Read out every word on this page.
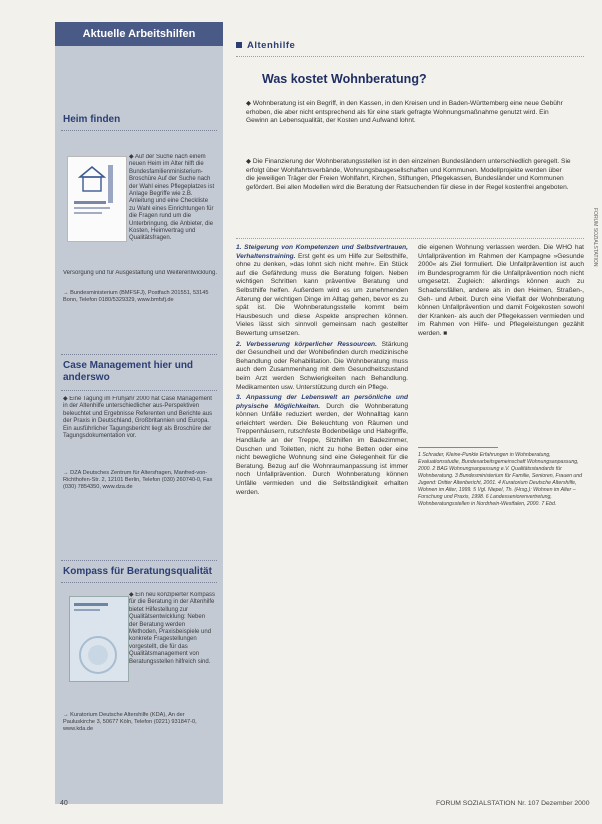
Aktuelle Arbeitshilfen
Heim finden
◆ Auf der Suche nach einem neuen Heim im Alter hilft die Bundesfamilienministerium- Broschüre Auf der Suche nach der Wahl eines Pflegeplatzes ist Anlage Begriffe wie z.B. Anleitung und eine Checkliste zu Wahl eines Einrichtungen für die Fragen rund um die Unterbringung, die Anbieter, die Kosten, Heimvertrag und Qualitätsfragen.
Versorgung und für Ausgestaltung und Weiterentwicklung.
→ Bundesministerium (BMFSFJ), Postfach 201551, 53145 Bonn, Telefon 0180/5329329, www.bmfsfj.de
Case Management hier und anderswo
◆ Eine Tagung im Frühjahr 2000 hat Case Management in der Altenhilfe unterschiedlicher aus-Perspektiven beleuchtet und Ergebnisse Referenten und Berichte aus der Praxis in Deutschland, Großbritannien und Europa. Ein ausführlicher Tagungsbericht liegt als Broschüre der Tagungsdokumentation vor.
→ DZA Deutsches Zentrum für Altersfragen, Manfred-von-Richthofen-Str. 2, 12101 Berlin, Telefon (030) 260740-0, Fax (030) 7854350, www.dza.de
Kompass für Beratungsqualität
◆ Ein neu konzipierter Kompass für die Beratung in der Altenhilfe bietet Hilfestellung zur Qualitätsentwicklung: Neben der Beratung werden Methoden, Praxisbeispiele und konkrete Fragestellungen vorgestellt, die für das Qualitätsmanagement von Beratungsstellen hilfreich sind.
→ Kuratorium Deutsche Altershilfe (KDA), An der Pauluskirche 3, 50677 Köln, Telefon (0221) 931847-0, www.kda.de
Altenhilfe
Was kostet Wohnberatung?
◆ Wohnberatung ist ein Begriff, in den Kassen, in den Kreisen und in Baden-Württemberg eine neue Gebühr erhoben, die aber nicht entsprechend als für eine stark gefragte Wohnungsmaßnahme genutzt wird. Ein Gewinn an Lebensqualität, der Kosten und Aufwand lohnt.
◆ Die Finanzierung der Wohnberatungsstellen ist in den einzelnen Bundesländern unterschiedlich geregelt. Sie erfolgt über Wohlfahrtsverbände, Wohnungsbaugesellschaften und Kommunen. Modellprojekte werden über die jeweiligen Träger der Freien Wohlfahrt, Kirchen, Stiftungen, Pflegekassen, Bundesländer und Kommunen gefördert. Bei allen Modellen wird die Beratung der Ratsuchenden für diese in der Regel kostenfrei angeboten.
FORUM SOZIALSTATION

1. Steigerung von Kompetenzen und Selbstvertrauen, Verhaltenstraining. Erst geht es um Hilfe zur Selbsthilfe, ohne zu denken, »das lohnt sich nicht mehr«. Ein Stück auf die Gefährdung muss die Beratung folgen. Neben wichtigen Schritten kann präventive Beratung und Selbsthilfe helfen. Außerdem wird es um zunehmenden Alterung der wichtigen Dinge im Alltag gehen, bevor es zu spät ist. Die Wohnberatungsstelle kommt beim Hausbesuch und diese Aspekte ansprechen können. Vieles lässt sich sinnvoll gemeinsam nach gestellter Bewertung umsetzen.

2. Verbesserung körperlicher Ressourcen. Stärkung der Gesundheit und der Wohlbefinden durch medizinische Behandlung oder Rehabilitation. Die Wohnberatung muss auch dem Zusammenhang mit dem Gesundheitszustand beim Arzt werden Schwierigkeiten nach Behandlung. Medikamenten usw. Unterstützung durch ein Pflege.

3. Anpassung der Lebenswelt an persönliche und physische Möglichkeiten. Durch die Wohnberatung können Unfälle reduziert werden, der Wohnalltag kann erleichtert werden. Die Beleuchtung von Räumen und Treppenhäusern, rutschfeste Bodenbeläge und Haltegriffe, Handläufe an der Treppe, Sitzhilfen im Badezimmer, Duschen und Toiletten, nicht zu hohe Betten oder eine nicht bewegliche Wohnung sind eine Gelegenheit für die Beratung. Bezug auf die Wohnraumanpassung ist immer noch Unfallprävention. Durch Wohnberatung können Unfälle vermieden und die Selbständigkeit erhalten werden.

die eigenen Wohnung verlassen werden. Die WHO hat Unfallprävention im Rahmen der Kampagne »Gesunde 2000« als Ziel formuliert. Die Unfallprävention ist auch im Bundesprogramm für die Unfallprävention noch nicht umgesetzt. Zugleich: allerdings können auch zu Schadensfällen, andere als in den Heimen, Straßen-, Geh- und Arbeit. Durch eine Vielfalt der Wohnberatung können Unfallprävention und damit Folgekosten sowohl der Kranken- als auch der Pflegekassen vermieden und im Rahmen von Hilfe- und Pflegeleistungen gezählt werden. ■

1 Schrader, Kleine-Punkte Erfahrungen in Wohnberatung, Evaluationsstudie, Bundesarbeitsgemeinschaft Wohnungsanpassung, 2000. 2 BAG Wohnungsanpassung e.V. Qualitätsstandards für Wohnberatung. 3 Bundesministerium für Familie, Senioren, Frauen und Jugend: Dritter Altenbericht, 2001. 4 Kuratorium Deutsche Altershilfe, Wohnen im Alter, 1999. 5 Vgl. Niepel, Th. (Hrsg.): Wohnen im Alter – Forschung und Praxis, 1998. 6 Landesseniorenvertretung, Wohnberatungsstellen in Nordrhein-Westfalen, 2000. 7 Ebd.
40	FORUM SOZIALSTATION Nr. 107 Dezember 2000
